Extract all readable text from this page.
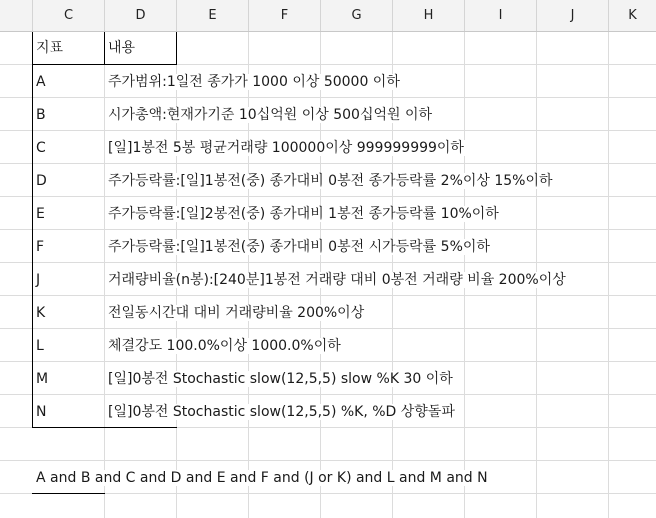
C	D	E	F	G	H	I	J	K
지표	내용
A	주가범위:1일전 종가가 1000 이상 50000 이하
B	시가총액:현재가기준 10십억원 이상 500십억원 이하
C	[일]1봉전 5봉 평균거래량 100000이상 999999999이하
D	주가등락률:[일]1봉전(중) 종가대비 0봉전 종가등락률 2%이상 15%이하
E	주가등락률:[일]2봉전(중) 종가대비 1봉전 종가등락률 10%이하
F	주가등락률:[일]1봉전(중) 종가대비 0봉전 시가등락률 5%이하
J	거래량비율(n봉):[240분]1봉전 거래량 대비 0봉전 거래량 비율 200%이상
K	전일동시간대 대비 거래량비율 200%이상
L	체결강도 100.0%이상 1000.0%이하
M	[일]0봉전 Stochastic slow(12,5,5) slow %K 30 이하
N	[일]0봉전 Stochastic slow(12,5,5) %K, %D 상향돌파
A and B and C and D and E and F and (J or K) and L and M and N
